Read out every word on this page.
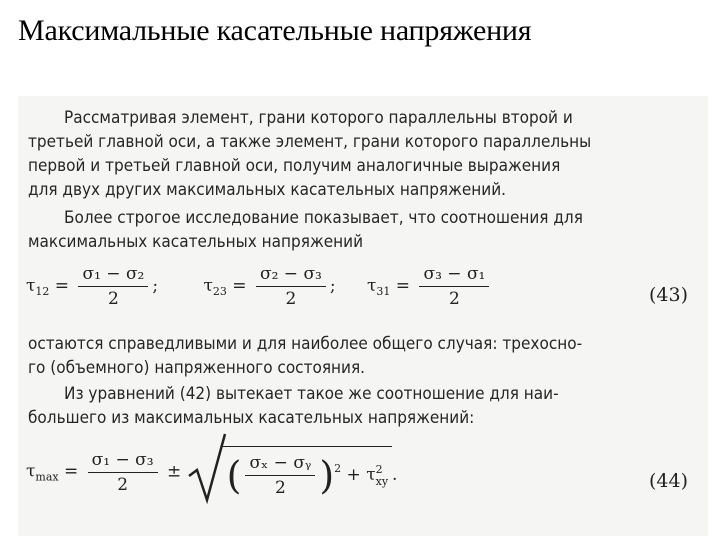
Максимальные касательные напряжения
Рассматривая элемент, грани которого параллельны второй и
третьей главной оси, а также элемент, грани которого параллельны
первой и третьей главной оси, получим аналогичные выражения
для двух других максимальных касательных напряжений.
Более строгое исследование показывает, что соотношения для
максимальных касательных напряжений
$\tau_{12} = \frac{\text{σ₁ − σ₂}}{2}$ ;	$\tau_{23} = \frac{\text{σ₂ − σ₃}}{2}$ ; $\tau_{31} = \frac{\text{σ₃ − σ₁}}{2}$	(43)
остаются справедливыми и для наиболее общего случая: трехосно-
го (объемного) напряженного состояния.
Из уравнений (42) вытекает такое же соотношение для наи-
большего из максимальных касательных напряжений:
$\tau_{max} = \frac{\text{σ₁ − σ₃}}{2}$ ± ( $\frac{\text{σₓ − σᵧ}}{2} )^2 + \tau$ 2
xy .	(44)
